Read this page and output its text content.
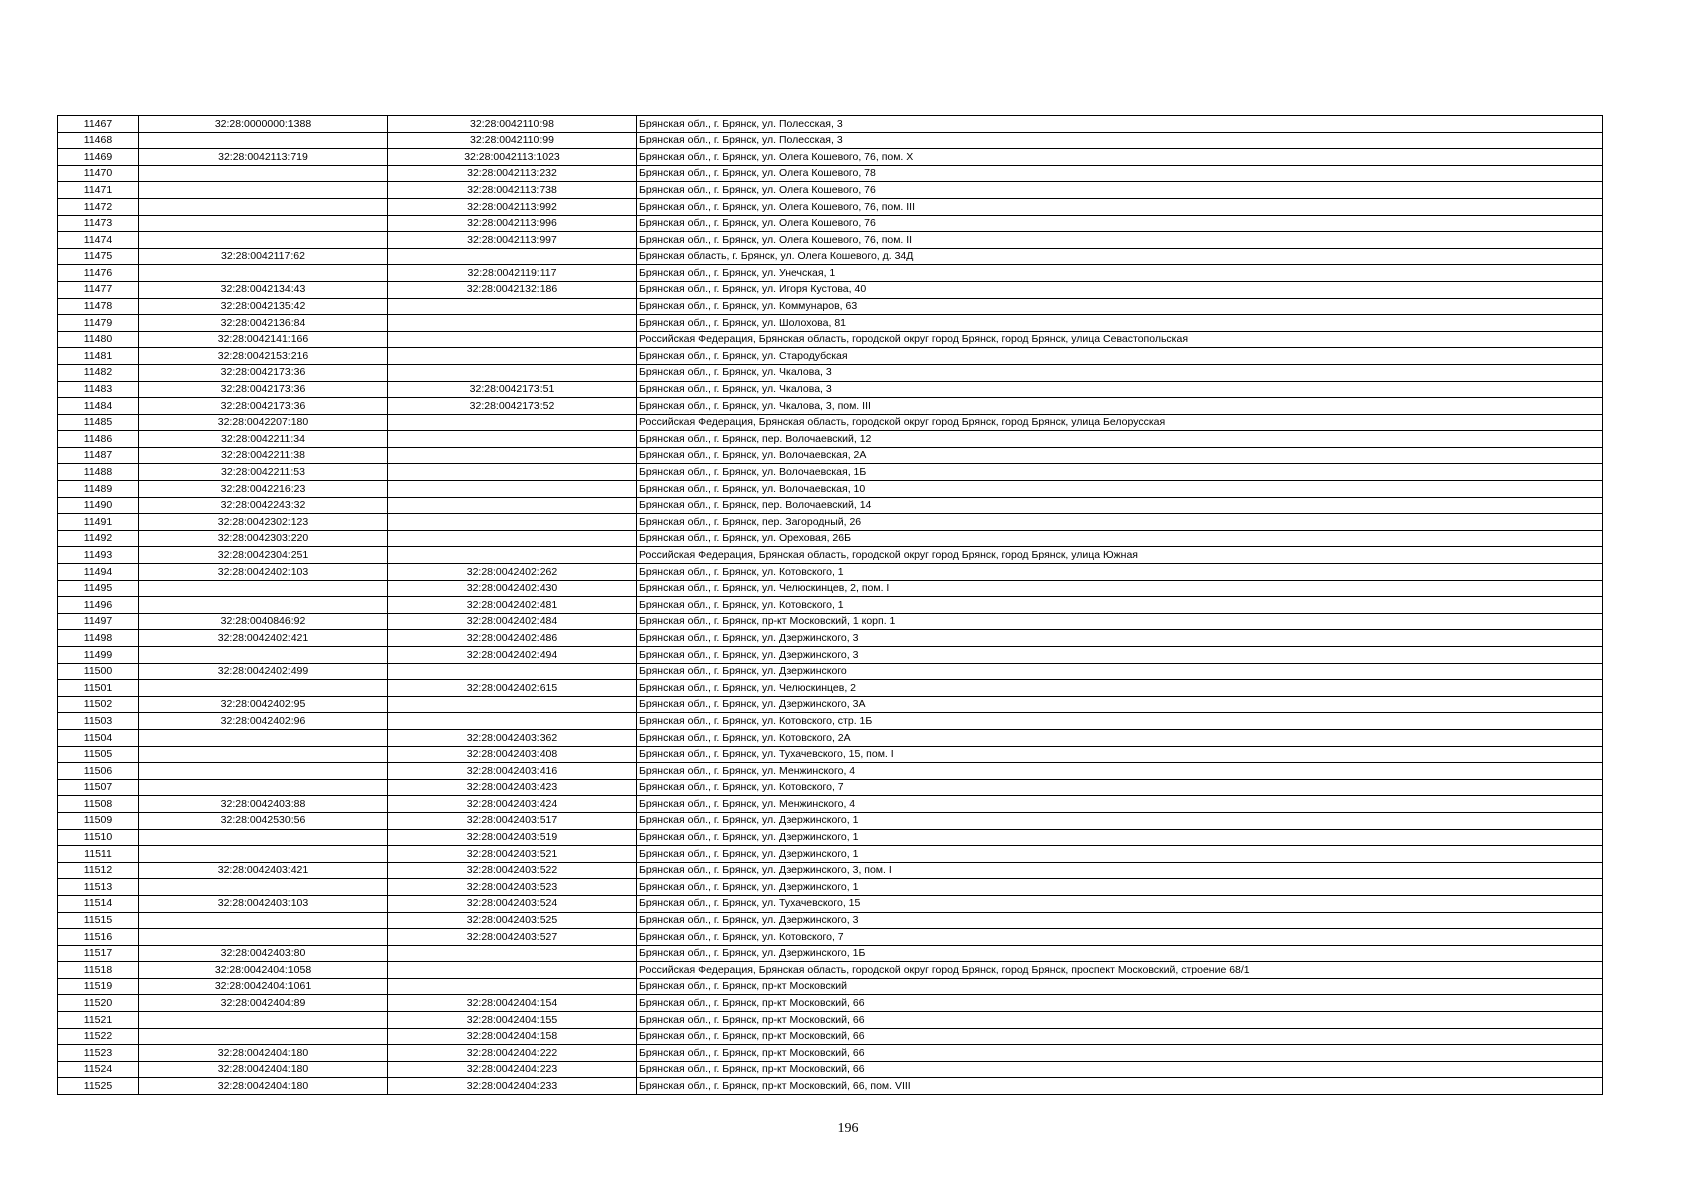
11467	32:28:0000000:1388	32:28:0042110:98	Брянская обл., г. Брянск, ул. Полесская, 3
11468		32:28:0042110:99	Брянская обл., г. Брянск, ул. Полесская, 3
11469	32:28:0042113:719	32:28:0042113:1023	Брянская обл., г. Брянск, ул. Олега Кошевого, 76, пом. X
11470		32:28:0042113:232	Брянская обл., г. Брянск, ул. Олега Кошевого, 78
11471		32:28:0042113:738	Брянская обл., г. Брянск, ул. Олега Кошевого, 76
11472		32:28:0042113:992	Брянская обл., г. Брянск, ул. Олега Кошевого, 76, пом. III
11473		32:28:0042113:996	Брянская обл., г. Брянск, ул. Олега Кошевого, 76
11474		32:28:0042113:997	Брянская обл., г. Брянск, ул. Олега Кошевого, 76, пом. II
11475	32:28:0042117:62		Брянская область, г. Брянск, ул. Олега Кошевого, д. 34Д
11476		32:28:0042119:117	Брянская обл., г. Брянск, ул. Унечская, 1
11477	32:28:0042134:43	32:28:0042132:186	Брянская обл., г. Брянск, ул. Игоря Кустова, 40
11478	32:28:0042135:42		Брянская обл., г. Брянск, ул. Коммунаров, 63
11479	32:28:0042136:84		Брянская обл., г. Брянск, ул. Шолохова, 81
11480	32:28:0042141:166		Российская Федерация, Брянская область, городской округ город Брянск, город Брянск, улица Севастопольская
11481	32:28:0042153:216		Брянская обл., г. Брянск, ул. Стародубская
11482	32:28:0042173:36		Брянская обл., г. Брянск, ул. Чкалова, 3
11483	32:28:0042173:36	32:28:0042173:51	Брянская обл., г. Брянск, ул. Чкалова, 3
11484	32:28:0042173:36	32:28:0042173:52	Брянская обл., г. Брянск, ул. Чкалова, 3, пом. III
11485	32:28:0042207:180		Российская Федерация, Брянская область, городской округ город Брянск, город Брянск, улица Белорусская
11486	32:28:0042211:34		Брянская обл., г. Брянск, пер. Волочаевский, 12
11487	32:28:0042211:38		Брянская обл., г. Брянск, ул. Волочаевская, 2А
11488	32:28:0042211:53		Брянская обл., г. Брянск, ул. Волочаевская, 1Б
11489	32:28:0042216:23		Брянская обл., г. Брянск, ул. Волочаевская, 10
11490	32:28:0042243:32		Брянская обл., г. Брянск, пер. Волочаевский, 14
11491	32:28:0042302:123		Брянская обл., г. Брянск, пер. Загородный, 26
11492	32:28:0042303:220		Брянская обл., г. Брянск, ул. Ореховая, 26Б
11493	32:28:0042304:251		Российская Федерация, Брянская область, городской округ город Брянск, город Брянск, улица Южная
11494	32:28:0042402:103	32:28:0042402:262	Брянская обл., г. Брянск, ул. Котовского, 1
11495		32:28:0042402:430	Брянская обл., г. Брянск, ул. Челюскинцев, 2, пом. I
11496		32:28:0042402:481	Брянская обл., г. Брянск, ул. Котовского, 1
11497	32:28:0040846:92	32:28:0042402:484	Брянская обл., г. Брянск, пр-кт Московский, 1 корп. 1
11498	32:28:0042402:421	32:28:0042402:486	Брянская обл., г. Брянск, ул. Дзержинского, 3
11499		32:28:0042402:494	Брянская обл., г. Брянск, ул. Дзержинского, 3
11500	32:28:0042402:499		Брянская обл., г. Брянск, ул. Дзержинского
11501		32:28:0042402:615	Брянская обл., г. Брянск, ул. Челюскинцев, 2
11502	32:28:0042402:95		Брянская обл., г. Брянск, ул. Дзержинского, 3А
11503	32:28:0042402:96		Брянская обл., г. Брянск, ул. Котовского, стр. 1Б
11504		32:28:0042403:362	Брянская обл., г. Брянск, ул. Котовского, 2А
11505		32:28:0042403:408	Брянская обл., г. Брянск, ул. Тухачевского, 15, пом. I
11506		32:28:0042403:416	Брянская обл., г. Брянск, ул. Менжинского, 4
11507		32:28:0042403:423	Брянская обл., г. Брянск, ул. Котовского, 7
11508	32:28:0042403:88	32:28:0042403:424	Брянская обл., г. Брянск, ул. Менжинского, 4
11509	32:28:0042530:56	32:28:0042403:517	Брянская обл., г. Брянск, ул. Дзержинского, 1
11510		32:28:0042403:519	Брянская обл., г. Брянск, ул. Дзержинского, 1
11511		32:28:0042403:521	Брянская обл., г. Брянск, ул. Дзержинского, 1
11512	32:28:0042403:421	32:28:0042403:522	Брянская обл., г. Брянск, ул. Дзержинского, 3, пом. I
11513		32:28:0042403:523	Брянская обл., г. Брянск, ул. Дзержинского, 1
11514	32:28:0042403:103	32:28:0042403:524	Брянская обл., г. Брянск, ул. Тухачевского, 15
11515		32:28:0042403:525	Брянская обл., г. Брянск, ул. Дзержинского, 3
11516		32:28:0042403:527	Брянская обл., г. Брянск, ул. Котовского, 7
11517	32:28:0042403:80		Брянская обл., г. Брянск, ул. Дзержинского, 1Б
11518	32:28:0042404:1058		Российская Федерация, Брянская область, городской округ город Брянск, город Брянск, проспект Московский, строение 68/1
11519	32:28:0042404:1061		Брянская обл., г. Брянск, пр-кт Московский
11520	32:28:0042404:89	32:28:0042404:154	Брянская обл., г. Брянск, пр-кт Московский, 66
11521		32:28:0042404:155	Брянская обл., г. Брянск, пр-кт Московский, 66
11522		32:28:0042404:158	Брянская обл., г. Брянск, пр-кт Московский, 66
11523	32:28:0042404:180	32:28:0042404:222	Брянская обл., г. Брянск, пр-кт Московский, 66
11524	32:28:0042404:180	32:28:0042404:223	Брянская обл., г. Брянск, пр-кт Московский, 66
11525	32:28:0042404:180	32:28:0042404:233	Брянская обл., г. Брянск, пр-кт Московский, 66, пом. VIII
196
